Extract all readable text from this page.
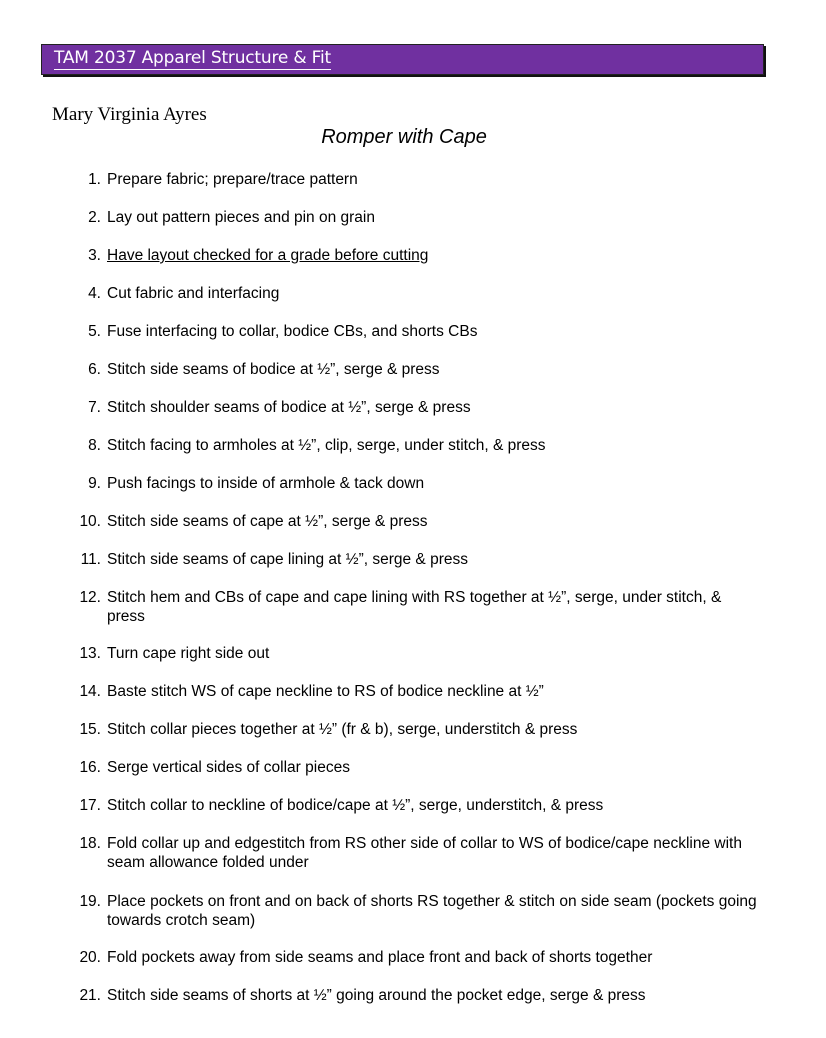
TAM 2037 Apparel Structure & Fit
Mary Virginia Ayres
Romper with Cape
1. Prepare fabric; prepare/trace pattern
2. Lay out pattern pieces and pin on grain
3. Have layout checked for a grade before cutting
4. Cut fabric and interfacing
5. Fuse interfacing to collar, bodice CBs, and shorts CBs
6. Stitch side seams of bodice at ½”, serge & press
7. Stitch shoulder seams of bodice at ½”, serge & press
8. Stitch facing to armholes at ½”, clip, serge, under stitch, & press
9. Push facings to inside of armhole & tack down
10. Stitch side seams of cape at ½”, serge & press
11. Stitch side seams of cape lining at ½”, serge & press
12. Stitch hem and CBs of cape and cape lining with RS together at ½”, serge, under stitch, & press
13. Turn cape right side out
14. Baste stitch WS of cape neckline to RS of bodice neckline at ½”
15. Stitch collar pieces together at ½” (fr & b), serge, understitch & press
16. Serge vertical sides of collar pieces
17. Stitch collar to neckline of bodice/cape at ½”, serge, understitch, & press
18. Fold collar up and edgestitch from RS other side of collar to WS of bodice/cape neckline with seam allowance folded under
19. Place pockets on front and on back of shorts RS together & stitch on side seam (pockets going towards crotch seam)
20. Fold pockets away from side seams and place front and back of shorts together
21. Stitch side seams of shorts at ½” going around the pocket edge, serge & press
